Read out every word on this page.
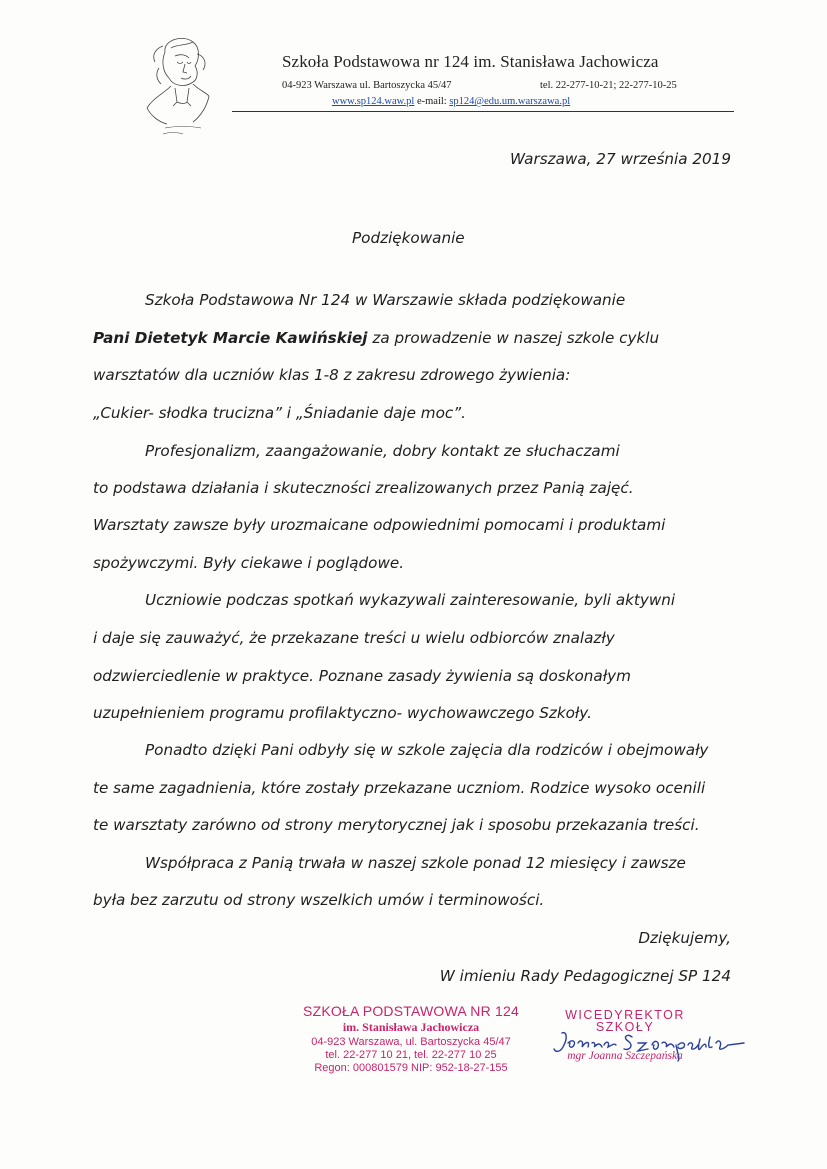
Szkoła Podstawowa nr 124 im. Stanisława Jachowicza
04-923 Warszawa ul. Bartoszycka 45/47	tel. 22-277-10-21; 22-277-10-25
www.sp124.waw.pl e-mail: sp124@edu.um.warszawa.pl
Warszawa, 27 września 2019
Podziękowanie
Szkoła Podstawowa Nr 124 w Warszawie składa podziękowanie
Pani Dietetyk Marcie Kawińskiej za prowadzenie w naszej szkole cyklu
warsztatów dla uczniów klas 1-8 z zakresu zdrowego żywienia:
„Cukier- słodka trucizna” i „Śniadanie daje moc”.
Profesjonalizm, zaangażowanie, dobry kontakt ze słuchaczami
to podstawa działania i skuteczności zrealizowanych przez Panią zajęć.
Warsztaty zawsze były urozmaicane odpowiednimi pomocami i produktami
spożywczymi. Były ciekawe i poglądowe.
Uczniowie podczas spotkań wykazywali zainteresowanie, byli aktywni
i daje się zauważyć, że przekazane treści u wielu odbiorców znalazły
odzwierciedlenie w praktyce. Poznane zasady żywienia są doskonałym
uzupełnieniem programu profilaktyczno- wychowawczego Szkoły.
Ponadto dzięki Pani odbyły się w szkole zajęcia dla rodziców i obejmowały
te same zagadnienia, które zostały przekazane uczniom. Rodzice wysoko ocenili
te warsztaty zarówno od strony merytorycznej jak i sposobu przekazania treści.
Współpraca z Panią trwała w naszej szkole ponad 12 miesięcy i zawsze
była bez zarzutu od strony wszelkich umów i terminowości.
Dziękujemy,
W imieniu Rady Pedagogicznej SP 124
SZKOŁA PODSTAWOWA NR 124
im. Stanisława Jachowicza
04-923 Warszawa, ul. Bartoszycka 45/47
tel. 22-277 10 21, tel. 22-277 10 25
Regon: 000801579 NIP: 952-18-27-155
WICEDYREKTOR
SZKOŁY
mgr Joanna Szczepańska
